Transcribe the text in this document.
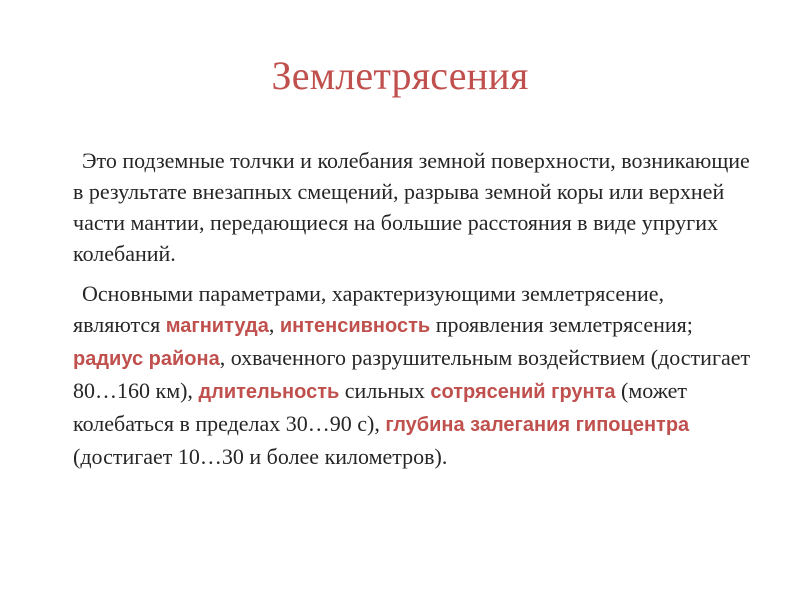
Землетрясения

Это подземные толчки и колебания земной поверхности, возникающие в результате внезапных смещений, разрыва земной коры или верхней части мантии, передающиеся на большие расстояния в виде упругих колебаний.

Основными параметрами, характеризующими землетрясение, являются магнитуда, интенсивность проявления землетрясения; радиус района, охваченного разрушительным воздействием (достигает 80…160 км), длительность сильных сотрясений грунта (может колебаться в пределах 30…90 с), глубина залегания гипоцентра (достигает 10…30 и более километров).
